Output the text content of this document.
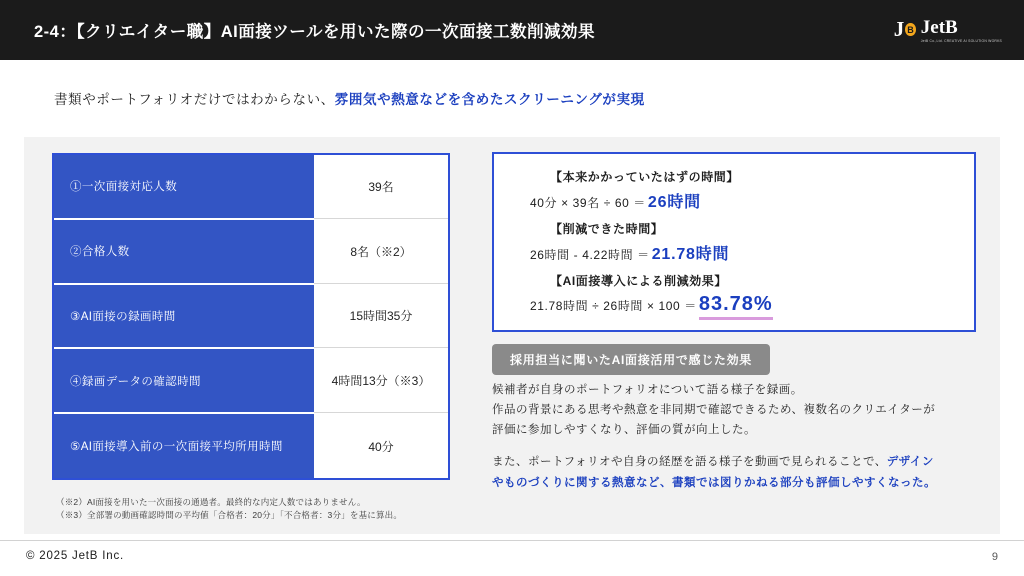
2-4：【クリエイター職】AI面接ツールを用いた際の一次面接工数削減効果	J B JetB
JetB Co.,Ltd. CREATIVE AI SOLUTION WORKS
書類やポートフォリオだけではわからない、雰囲気や熱意などを含めたスクリーニングが実現
①一次面接対応人数	39名
②合格人数	8名（※2）
③AI面接の録画時間	15時間35分
④録画データの確認時間	4時間13分（※3）
⑤AI面接導入前の一次面接平均所用時間	40分
（※2）AI面接を用いた一次面接の通過者。最終的な内定人数ではありません。
（※3）全部署の動画確認時間の平均値「合格者：20分」「不合格者：3分」を基に算出。
【本来かかっていたはずの時間】
40分 × 39名 ÷ 60 ＝ 26時間
【削減できた時間】
26時間 - 4.22時間 ＝ 21.78時間
【AI面接導入による削減効果】
21.78時間 ÷ 26時間 × 100 ＝ 83.78%
採用担当に聞いたAI面接活用で感じた効果
候補者が自身のポートフォリオについて語る様子を録画。
作品の背景にある思考や熱意を非同期で確認できるため、複数名のクリエイターが
評価に参加しやすくなり、評価の質が向上した。
また、ポートフォリオや自身の経歴を語る様子を動画で見られることで、デザイン
やものづくりに関する熱意など、書類では図りかねる部分も評価しやすくなった。
© 2025 JetB Inc.	9
